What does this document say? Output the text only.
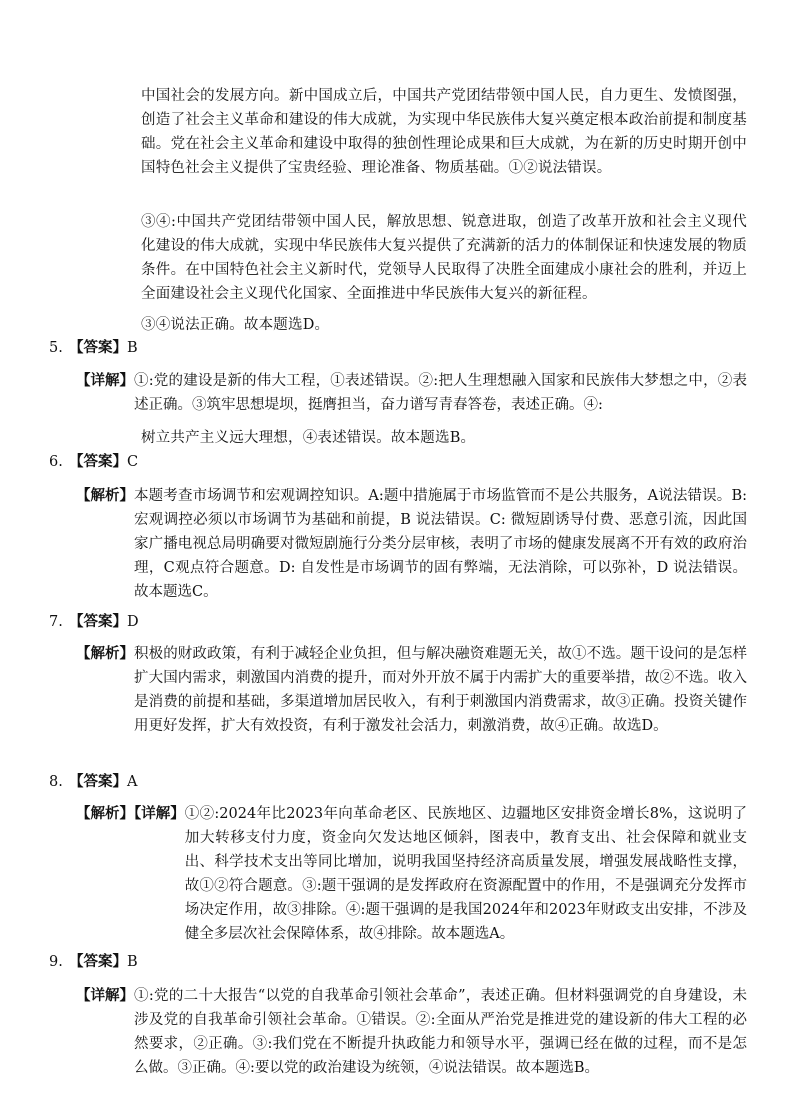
中国社会的发展方向。新中国成立后，中国共产党团结带领中国人民，自力更生、发愤图强，创造了社会主义革命和建设的伟大成就，为实现中华民族伟大复兴奠定根本政治前提和制度基础。党在社会主义革命和建设中取得的独创性理论成果和巨大成就，为在新的历史时期开创中国特色社会主义提供了宝贵经验、理论准备、物质基础。①②说法错误。

③④:中国共产党团结带领中国人民，解放思想、锐意进取，创造了改革开放和社会主义现代化建设的伟大成就，实现中华民族伟大复兴提供了充满新的活力的体制保证和快速发展的物质条件。在中国特色社会主义新时代，党领导人民取得了决胜全面建成小康社会的胜利，并迈上全面建设社会主义现代化国家、全面推进中华民族伟大复兴的新征程。

③④说法正确。故本题选D。

5. 【答案】B
【详解】 ①:党的建设是新的伟大工程，①表述错误。②:把人生理想融入国家和民族伟大梦想之中，②表述正确。③筑牢思想堤坝，挺膺担当，奋力谱写青春答卷，表述正确。④:

树立共产主义远大理想，④表述错误。故本题选B。

6. 【答案】C
【解析】 本题考查市场调节和宏观调控知识。A:题中措施属于市场监管而不是公共服务，A说法错误。B: 宏观调控必须以市场调节为基础和前提，B 说法错误。C: 微短剧诱导付费、恶意引流，因此国家广播电视总局明确要对微短剧施行分类分层审核，表明了市场的健康发展离不开有效的政府治理，C观点符合题意。D: 自发性是市场调节的固有弊端，无法消除，可以弥补，D 说法错误。故本题选C。
7. 【答案】D
【解析】 积极的财政政策，有利于减轻企业负担，但与解决融资难题无关，故①不选。题干设问的是怎样扩大国内需求，刺激国内消费的提升，而对外开放不属于内需扩大的重要举措，故②不选。收入是消费的前提和基础，多渠道增加居民收入，有利于刺激国内消费需求，故③正确。投资关键作用更好发挥，扩大有效投资，有利于激发社会活力，刺激消费，故④正确。故选D。
8. 【答案】A
【解析】【详解】 ①②:2024年比2023年向革命老区、民族地区、边疆地区安排资金增长8%，这说明了加大转移支付力度，资金向欠发达地区倾斜，图表中，教育支出、社会保障和就业支出、科学技术支出等同比增加，说明我国坚持经济高质量发展，增强发展战略性支撑，故①②符合题意。③:题干强调的是发挥政府在资源配置中的作用，不是强调充分发挥市场决定作用，故③排除。④:题干强调的是我国2024年和2023年财政支出安排，不涉及健全多层次社会保障体系，故④排除。故本题选A。
9. 【答案】B
【详解】 ①:党的二十大报告“以党的自我革命引领社会革命”，表述正确。但材料强调党的自身建设，未涉及党的自我革命引领社会革命。①错误。②:全面从严治党是推进党的建设新的伟大工程的必然要求，②正确。③:我们党在不断提升执政能力和领导水平，强调已经在做的过程，而不是怎么做。③正确。④:要以党的政治建设为统领，④说法错误。故本题选B。
